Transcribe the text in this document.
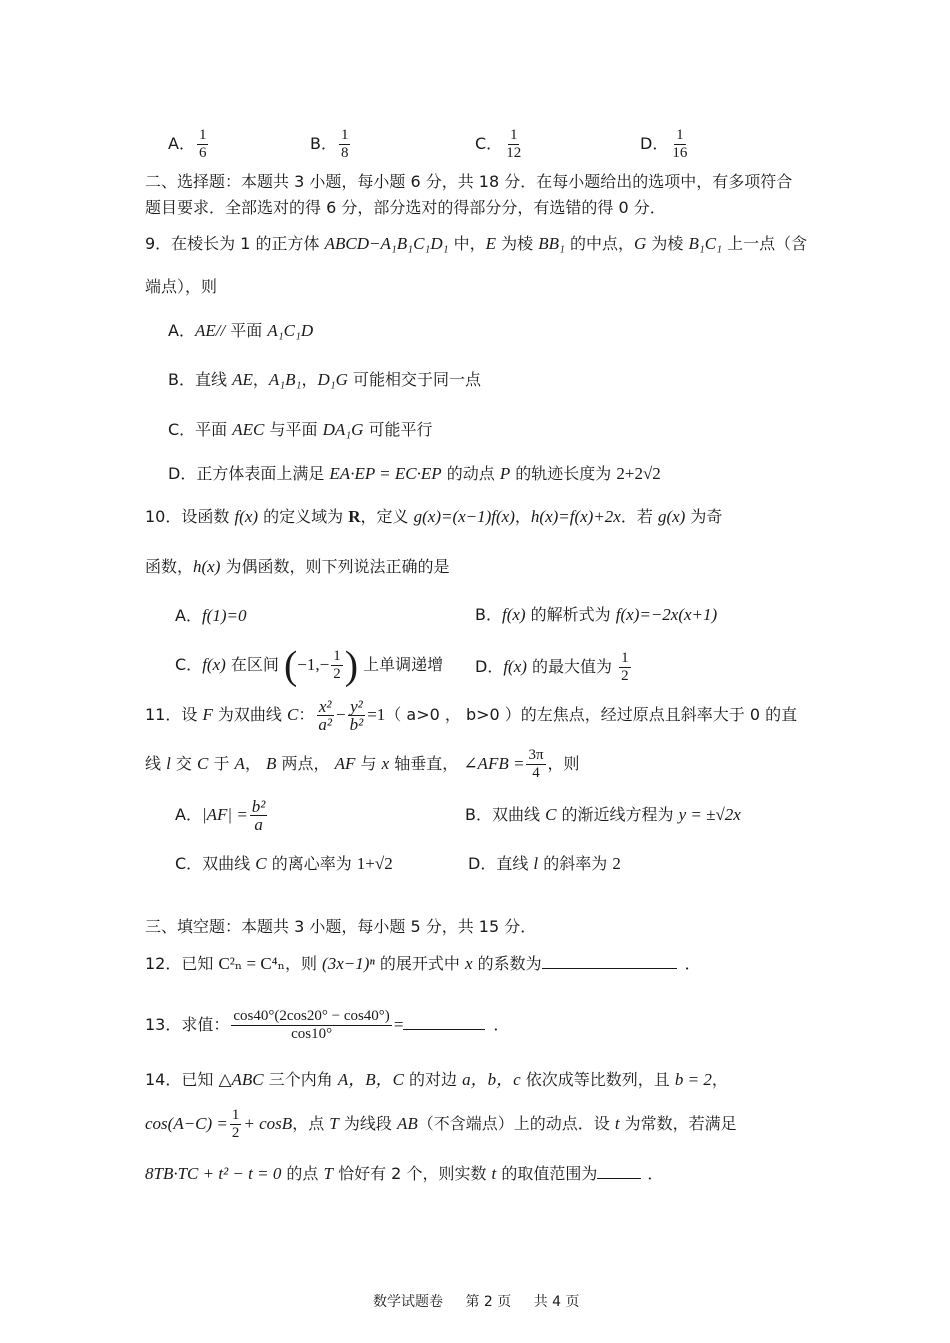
A． $\frac{1}{6}$	B． $\frac{1}{8}$	C． $\frac{1}{12}$	D． $\frac{1}{16}$
二、选择题：本题共 3 小题，每小题 6 分，共 18 分．在每小题给出的选项中，有多项符合
题目要求．全部选对的得 6 分，部分选对的得部分分，有选错的得 0 分．
9．在棱长为 1 的正方体 ABCD−A₁B₁C₁D₁ 中，E 为棱 BB₁ 的中点，G 为棱 B₁C₁ 上一点（含
端点），则
A．AE// 平面 A₁C₁D
B．直线 AE，A₁B₁，D₁G 可能相交于同一点
C．平面 AEC 与平面 DA₁G 可能平行
D．正方体表面上满足 EA·EP = EC·EP 的动点 P 的轨迹长度为 2+2√2
10．设函数 f(x) 的定义域为 R，定义 g(x)=(x−1)f(x)，h(x)=f(x)+2x．若 g(x) 为奇
函数，h(x) 为偶函数，则下列说法正确的是
A．f(1)=0	B．f(x) 的解析式为 f(x)=−2x(x+1)
C．f(x) 在区间 ($-1,- \frac{1}{2}$ ) 上单调递增 D．f(x) 的最大值为 $\frac{1}{2}$
11．设 F 为双曲线 C： $\frac{\text{x²}}{\text{a²}} - \frac{\text{y²}}{\text{b²}} =1$（ a>0 ， b>0 ）的左焦点，经过原点且斜率大于 0 的直
线 l 交 C 于 A， B 两点， AF 与 x 轴垂直， ∠AFB = $\frac{3\pi}{4}$ ，则
A．$|AF| = \frac{\text{b²}}{a}$	B．双曲线 C 的渐近线方程为 y = ±√2x
C．双曲线 C 的离心率为 1+√2	D．直线 l 的斜率为 2
三、填空题：本题共 3 小题，每小题 5 分，共 15 分．
12．已知 C²ₙ = C⁴ₙ，则 (3x−1)ⁿ 的展开式中 x 的系数为	．
13．求值： $\frac{\cos 40^\circ(2\cos 20^\circ - \cos 40^\circ)}{\cos 10^\circ}$ =	．
14．已知 △ABC 三个内角 A，B，C 的对边 a，b，c 依次成等比数列，且 b = 2，
$\cos(A-C) = \frac{1}{2} + \cos B$，点 T 为线段 AB（不含端点）上的动点．设 t 为常数，若满足
8TB·TC + t² − t = 0 的点 T 恰好有 2 个，则实数 t 的取值范围为	．
数学试题卷 第 2 页 共 4 页
